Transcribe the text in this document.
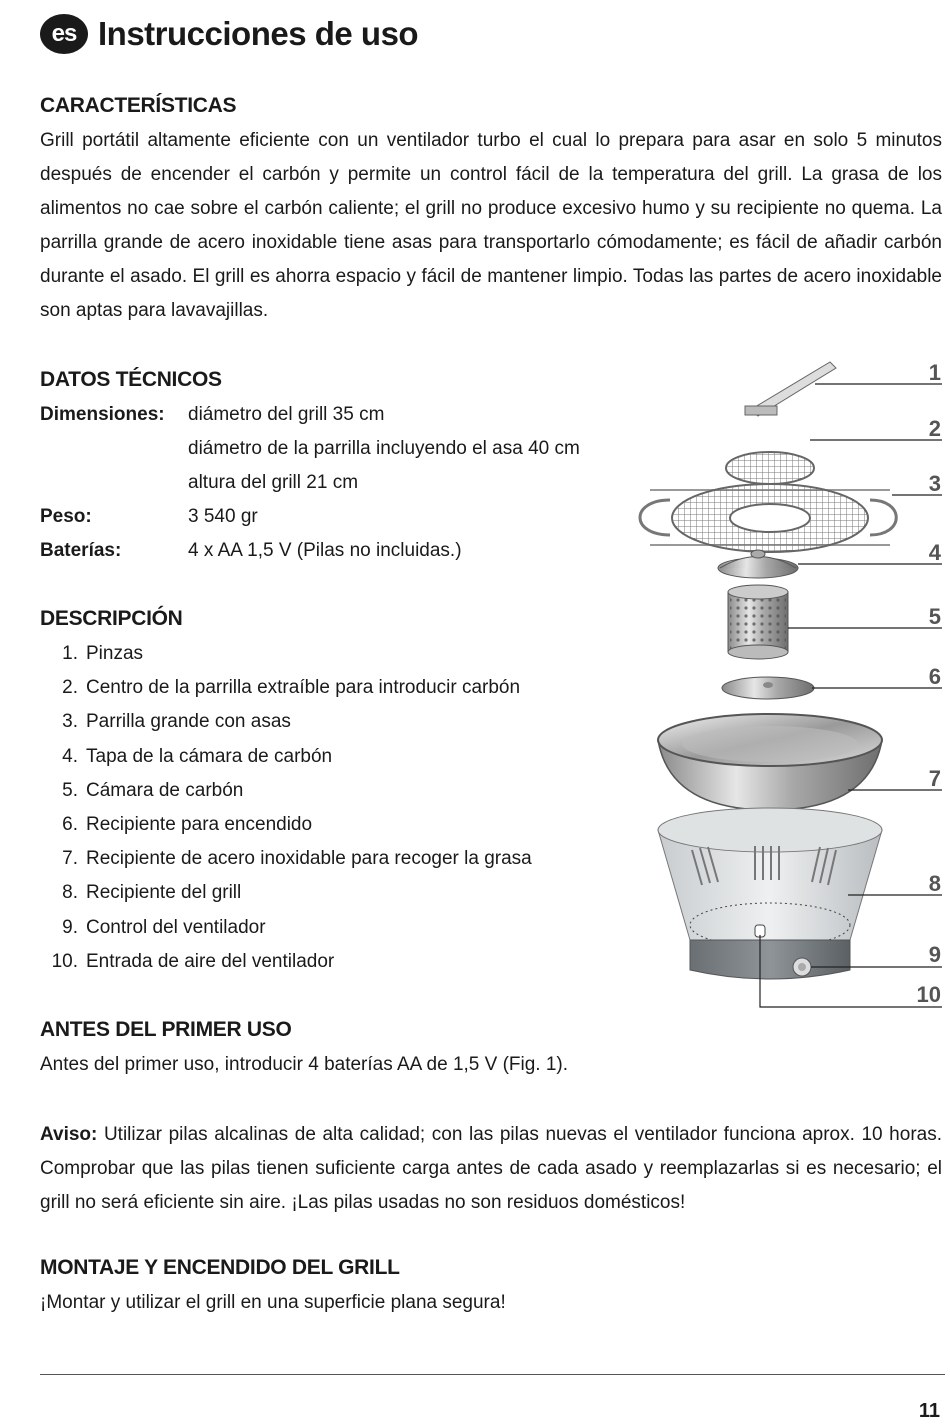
es Instrucciones de uso
CARACTERÍSTICAS

Grill portátil altamente eficiente con un ventilador turbo el cual lo prepara para asar en solo 5 minutos después de encender el carbón y permite un control fácil de la temperatura del grill. La grasa de los alimentos no cae sobre el carbón caliente; el grill no produce excesivo humo y su recipiente no quema. La parrilla grande de acero inoxidable tiene asas para transportarlo cómodamente; es fácil de añadir carbón durante el asado. El grill es ahorra espacio y fácil de mantener limpio. Todas las partes de acero inoxidable son aptas para lavavajillas.

DATOS TÉCNICOS
Dimensiones:	diámetro del grill 35 cm
diámetro de la parrilla incluyendo el asa 40 cm
altura del grill 21 cm
Peso:	3 540 gr
Baterías:	4 x AA 1,5 V (Pilas no incluidas.)
DESCRIPCIÓN
1. Pinzas
2. Centro de la parrilla extraíble para introducir carbón
3. Parrilla grande con asas
4. Tapa de la cámara de carbón
5. Cámara de carbón
6. Recipiente para encendido
7. Recipiente de acero inoxidable para recoger la grasa
8. Recipiente del grill
9. Control del ventilador
10. Entrada de aire del ventilador
1
2
3
4
5
6
7
8
9
10
ANTES DEL PRIMER USO

Antes del primer uso, introducir 4 baterías AA de 1,5 V (Fig. 1).

Aviso: Utilizar pilas alcalinas de alta calidad; con las pilas nuevas el ventilador funciona aprox. 10 horas. Comprobar que las pilas tienen suficiente carga antes de cada asado y reemplazarlas si es necesario; el grill no será eficiente sin aire. ¡Las pilas usadas no son residuos domésticos!

MONTAJE Y ENCENDIDO DEL GRILL

¡Montar y utilizar el grill en una superficie plana segura!

11
